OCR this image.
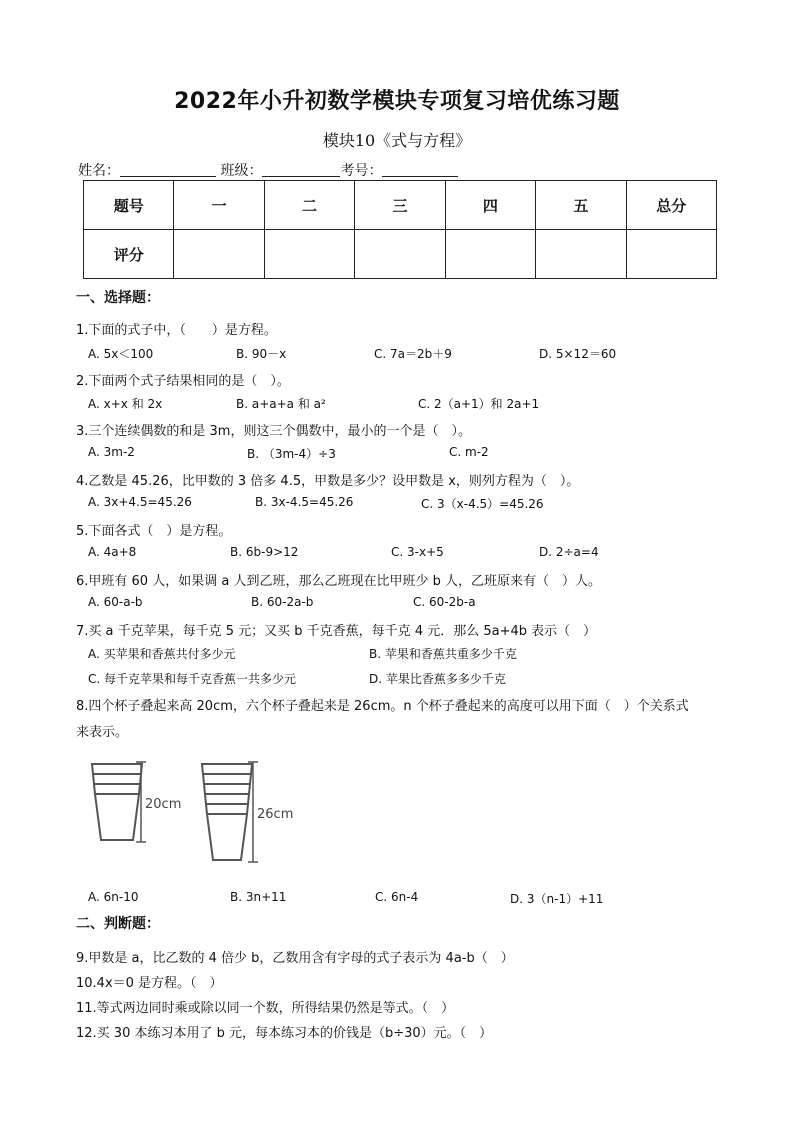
2022年小升初数学模块专项复习培优练习题
模块10《式与方程》
姓名：	班级：	考号：
题号	一	二	三	四	五	总分
评分						
一、选择题：
1.下面的式子中，（　　）是方程。
A. 5x＜100	B. 90－x	C. 7a＝2b＋9	D. 5×12＝60
2.下面两个式子结果相同的是（　）。
A. x+x 和 2x	B. a+a+a 和 a²	C. 2（a+1）和 2a+1
3.三个连续偶数的和是 3m，则这三个偶数中，最小的一个是（　）。
A. 3m-2	B. （3m-4）÷3	C. m-2
4.乙数是 45.26，比甲数的 3 倍多 4.5，甲数是多少？设甲数是 x，则列方程为（　）。
A. 3x+4.5=45.26	B. 3x-4.5=45.26	C. 3（x-4.5）=45.26
5.下面各式（　）是方程。
A. 4a+8	B. 6b-9>12	C. 3-x+5	D. 2÷a=4
6.甲班有 60 人，如果调 a 人到乙班，那么乙班现在比甲班少 b 人，乙班原来有（　）人。
A. 60-a-b	B. 60-2a-b	C. 60-2b-a
7.买 a 千克苹果，每千克 5 元；又买 b 千克香蕉，每千克 4 元．那么 5a+4b 表示（　）
A. 买苹果和香蕉共付多少元	B. 苹果和香蕉共重多少千克
C. 每千克苹果和每千克香蕉一共多少元	D. 苹果比香蕉多多少千克
8.四个杯子叠起来高 20cm，六个杯子叠起来是 26cm。n 个杯子叠起来的高度可以用下面（　）个关系式
来表示。
20cm
26cm
A. 6n-10	B. 3n+11	C. 6n-4	D. 3（n-1）+11
二、判断题：
9.甲数是 a，比乙数的 4 倍少 b，乙数用含有字母的式子表示为 4a-b（　）
10.4x＝0 是方程。（　）
11.等式两边同时乘或除以同一个数，所得结果仍然是等式。（　）
12.买 30 本练习本用了 b 元，每本练习本的价钱是（b÷30）元。（　）
